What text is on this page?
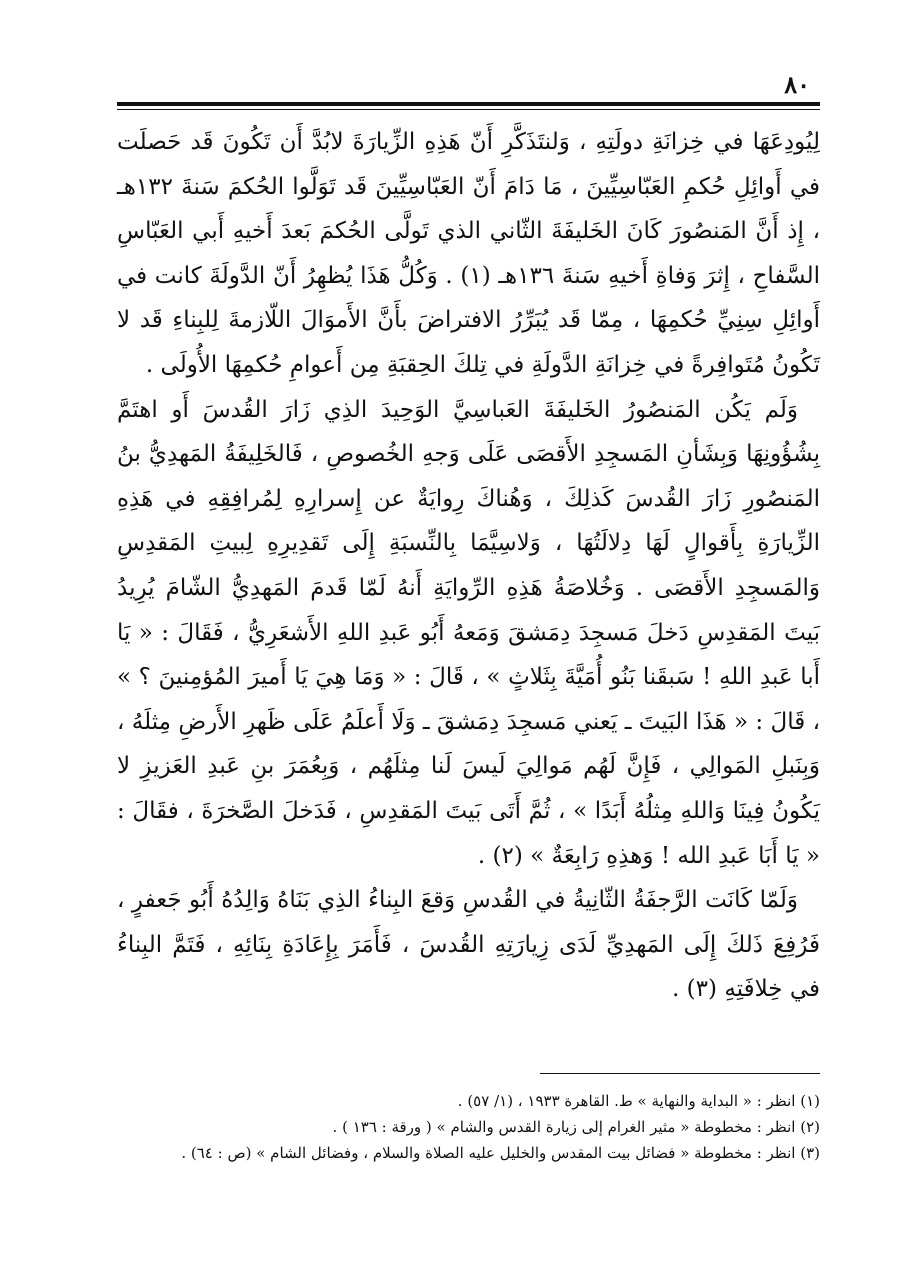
٨٠

لِيُودِعَهَا في خِزانَةِ دولَتِهِ ، وَلنتَذَكَّرِ أَنّ هَذِهِ الزِّيارَةَ لابُدَّ أَن تَكُونَ قَد حَصلَت في أَوائِلِ حُكمِ العَبّاسِيِّينَ ، مَا دَامَ أَنّ العَبّاسِيِّينَ قَد تَوَلَّوا الحُكمَ سَنةَ ١٣٢هـ ، إِذ أَنَّ المَنصُورَ كَانَ الخَليفَةَ الثّاني الذي تَولَّى الحُكمَ بَعدَ أَخيهِ أَبي العَبّاسِ السَّفاحِ ، إِثرَ وَفاةِ أَخيهِ سَنةَ ١٣٦هـ (١) . وَكُلُّ هَذَا يُظهِرُ أَنّ الدَّولَةَ كانت في أَوائِلِ سِنِيِّ حُكمِهَا ، مِمّا قَد يُبَرِّرُ الافتراضَ بأَنَّ الأَموَالَ اللّازمةَ لِلبِناءِ قَد لا تَكُونُ مُتَوافِرةً في خِزانَةِ الدَّولَةِ في تِلكَ الحِقبَةِ مِن أَعوامِ حُكمِهَا الأُولَى .

وَلَم يَكُن المَنصُورُ الخَليفَةَ العَباسِيَّ الوَحِيدَ الذِي زَارَ القُدسَ أَو اهتَمَّ بِشُؤُونِهَا وَبِشَأنِ المَسجِدِ الأَقصَى عَلَى وَجهِ الخُصوصِ ، فَالخَلِيفَةُ المَهدِيُّ بنُ المَنصُورِ زَارَ القُدسَ كَذلِكَ ، وَهُناكَ رِوايَةٌ عن إِسرارِهِ لِمُرافِقِهِ في هَذِهِ الزِّيارَةِ بِأَقوالٍ لَهَا دِلالَتُهَا ، وَلاسِيَّمَا بِالنِّسبَةِ إِلَى تَقدِيرِهِ لِبيتِ المَقدِسِ وَالمَسجِدِ الأَقصَى . وَخُلاصَةُ هَذِهِ الرِّوايَةِ أَنهُ لَمّا قَدمَ المَهدِيُّ الشّامَ يُرِيدُ بَيتَ المَقدِسِ دَخلَ مَسجِدَ دِمَشقَ وَمَعهُ أَبُو عَبدِ اللهِ الأَشعَرِيُّ ، فَقَالَ : « يَا أَبا عَبدِ اللهِ ! سَبقَنا بَنُو أُمَيَّةَ بِثَلاثٍ » ، قَالَ : « وَمَا هِيَ يَا أَميرَ المُؤمِنينَ ؟ » ، قَالَ : « هَذَا البَيتَ ـ يَعني مَسجِدَ دِمَشقَ ـ وَلَا أَعلَمُ عَلَى ظَهرِ الأَرضِ مِثلَهُ ، وَبِنَبلِ المَوالِي ، فَإِنَّ لَهُم مَوالِيَ لَيسَ لَنا مِثلَهُم ، وَبِعُمَرَ بنِ عَبدِ العَزيزِ لا يَكُونُ فِينَا وَاللهِ مِثلُهُ أَبَدًا » ، ثُمَّ أَتَى بَيتَ المَقدِسِ ، فَدَخلَ الصَّخرَةَ ، فقَالَ : « يَا أَبَا عَبدِ الله ! وَهذِهِ رَابِعَةٌ » (٢) .

وَلَمّا كَانَت الرَّجفَةُ الثّانِيةُ في القُدسِ وَقعَ البِناءُ الذِي بَنَاهُ وَالِدُهُ أَبُو جَعفرٍ ، فَرُفِعَ ذَلكَ إِلَى المَهدِيِّ لَدَى زِيارَتِهِ القُدسَ ، فَأَمَرَ بِإِعَادَةِ بِنَائِهِ ، فَتَمَّ البِناءُ في خِلافَتِهِ (٣) .

(١) انظر : « البداية والنهاية » ط. القاهرة ١٩٣٣ ، (١/ ٥٧) .
(٢) انظر : مخطوطة « مثير الغرام إلى زيارة القدس والشام » ( ورقة : ١٣٦ ) .
(٣) انظر : مخطوطة « فضائل بيت المقدس والخليل عليه الصلاة والسلام ، وفضائل الشام » (ص : ٦٤) .
